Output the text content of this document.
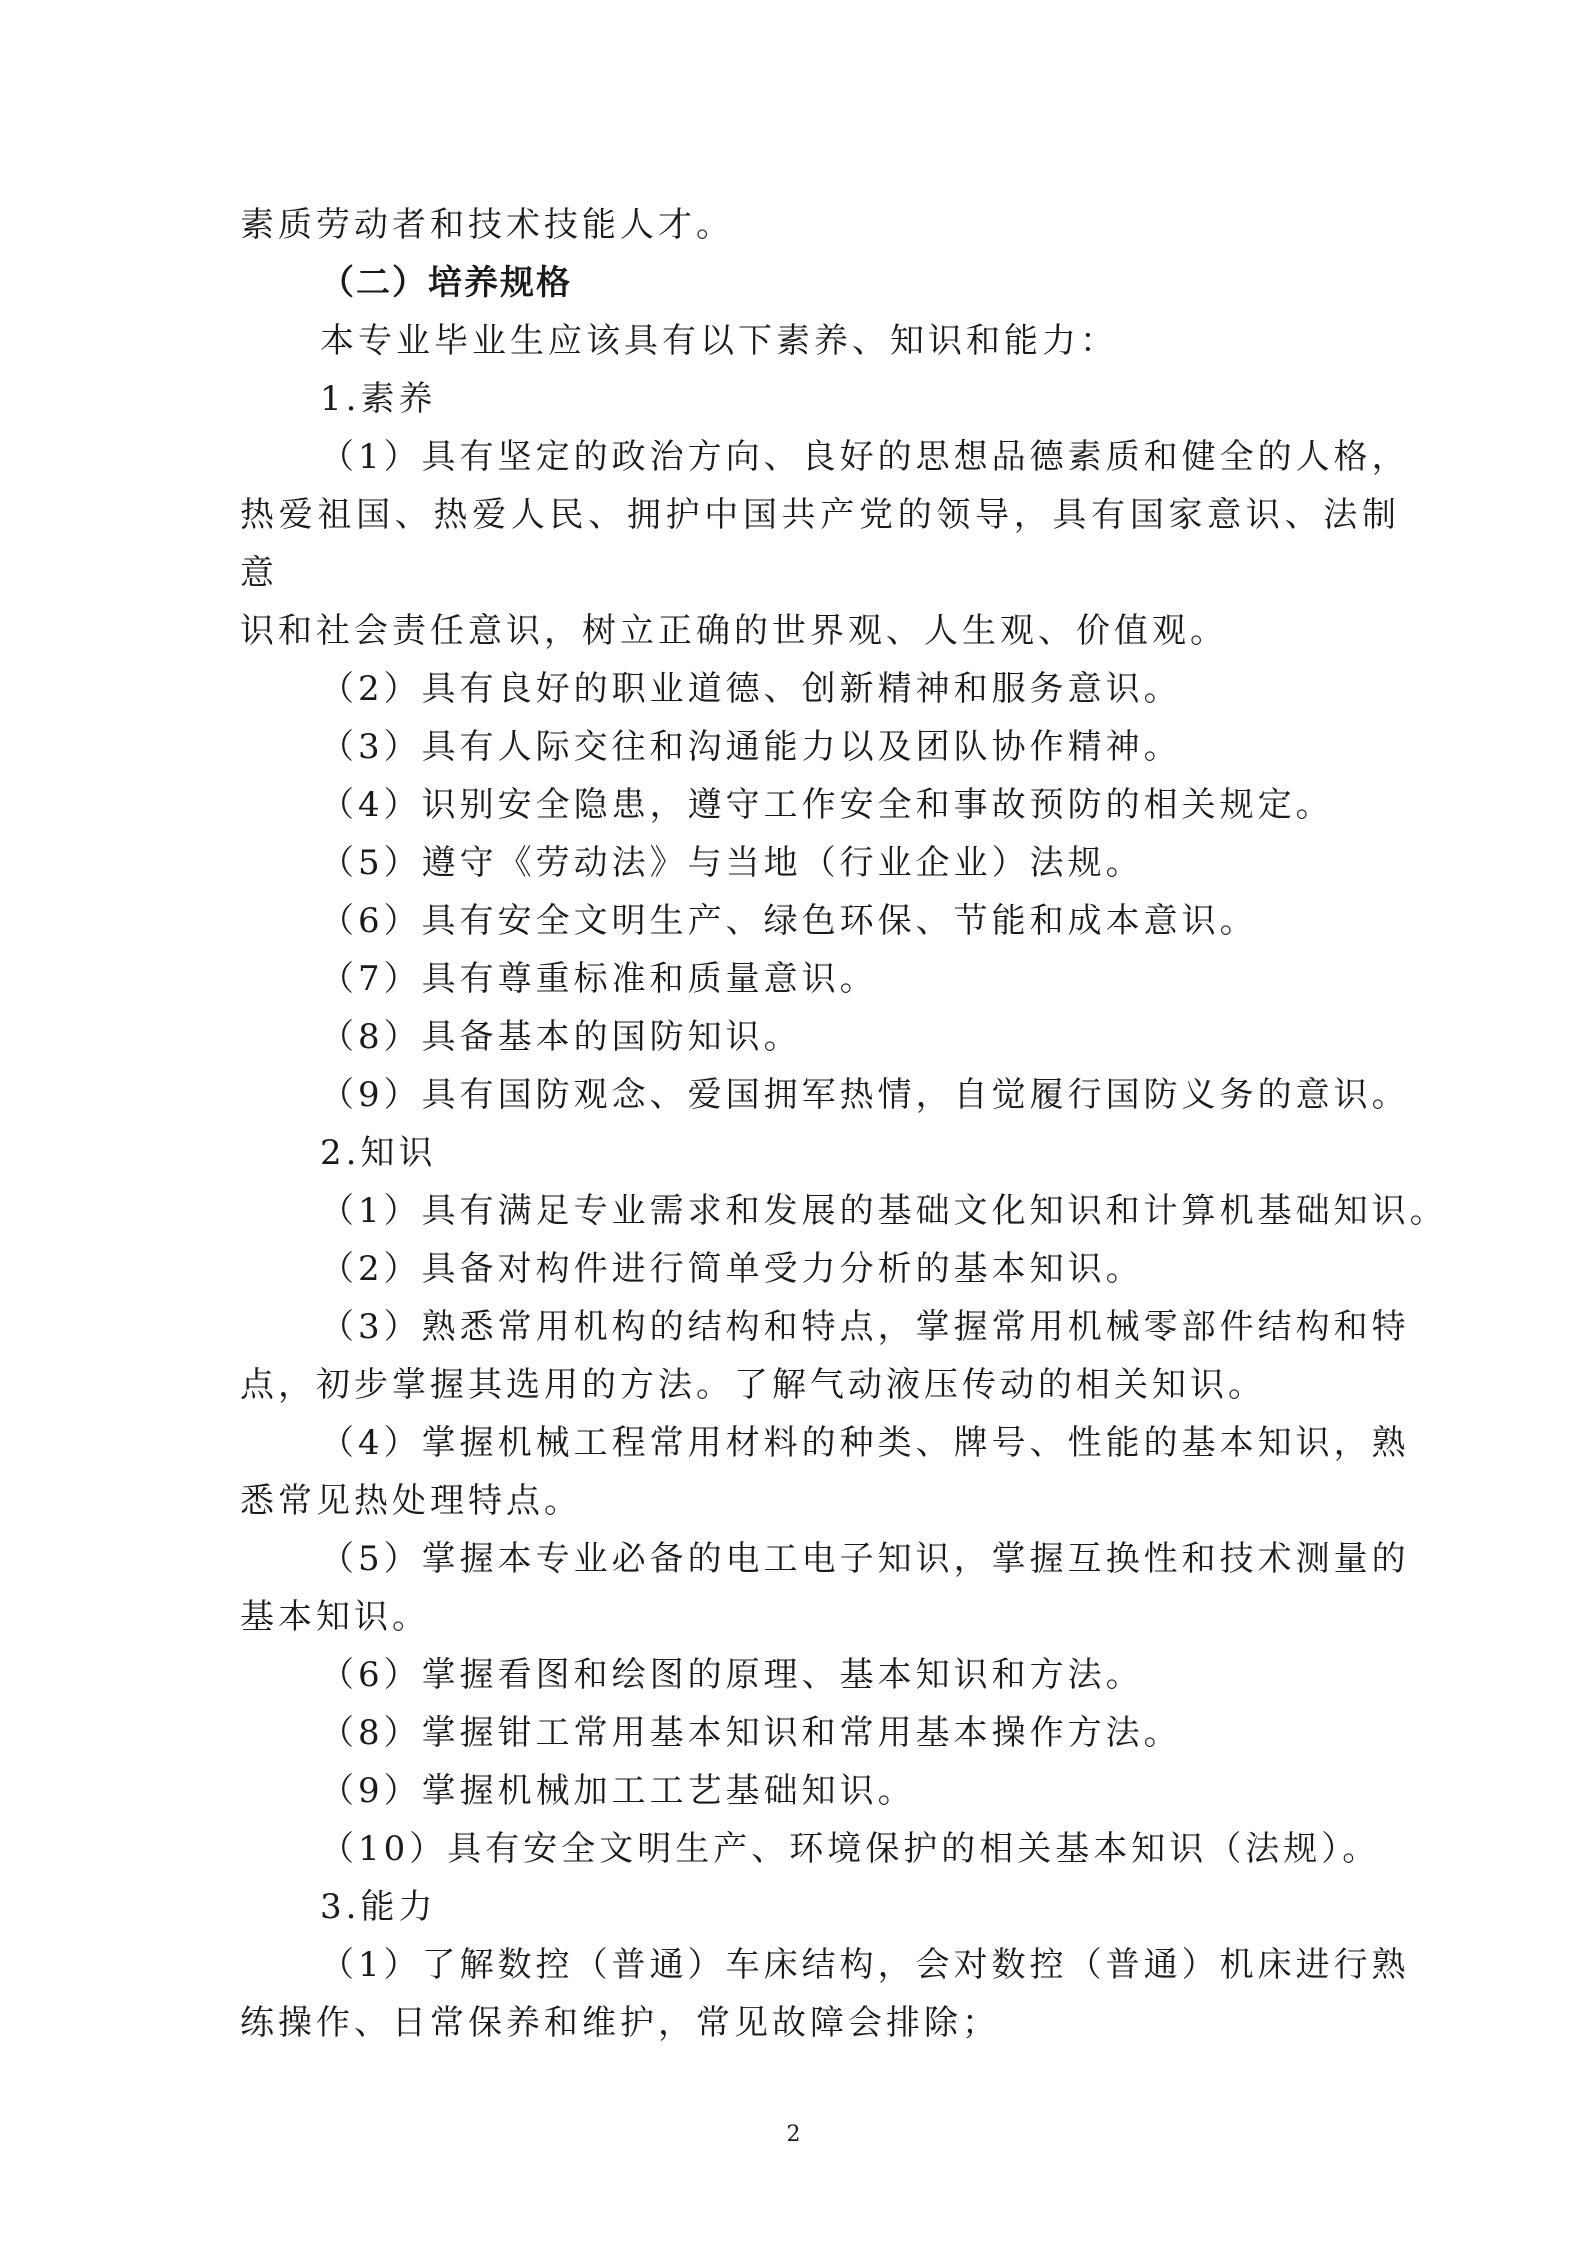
素质劳动者和技术技能人才。
（二）培养规格
本专业毕业生应该具有以下素养、知识和能力：
1.素养
（1）具有坚定的政治方向、良好的思想品德素质和健全的人格，
热爱祖国、热爱人民、拥护中国共产党的领导，具有国家意识、法制意
识和社会责任意识，树立正确的世界观、人生观、价值观。
（2）具有良好的职业道德、创新精神和服务意识。
（3）具有人际交往和沟通能力以及团队协作精神。
（4）识别安全隐患，遵守工作安全和事故预防的相关规定。
（5）遵守《劳动法》与当地（行业企业）法规。
（6）具有安全文明生产、绿色环保、节能和成本意识。
（7）具有尊重标准和质量意识。
（8）具备基本的国防知识。
（9）具有国防观念、爱国拥军热情，自觉履行国防义务的意识。
2.知识
（1）具有满足专业需求和发展的基础文化知识和计算机基础知识。
（2）具备对构件进行简单受力分析的基本知识。
（3）熟悉常用机构的结构和特点，掌握常用机械零部件结构和特
点，初步掌握其选用的方法。了解气动液压传动的相关知识。
（4）掌握机械工程常用材料的种类、牌号、性能的基本知识，熟
悉常见热处理特点。
（5）掌握本专业必备的电工电子知识，掌握互换性和技术测量的
基本知识。
（6）掌握看图和绘图的原理、基本知识和方法。
（8）掌握钳工常用基本知识和常用基本操作方法。
（9）掌握机械加工工艺基础知识。
（10）具有安全文明生产、环境保护的相关基本知识（法规）。
3.能力
（1）了解数控（普通）车床结构，会对数控（普通）机床进行熟
练操作、日常保养和维护，常见故障会排除；
2
